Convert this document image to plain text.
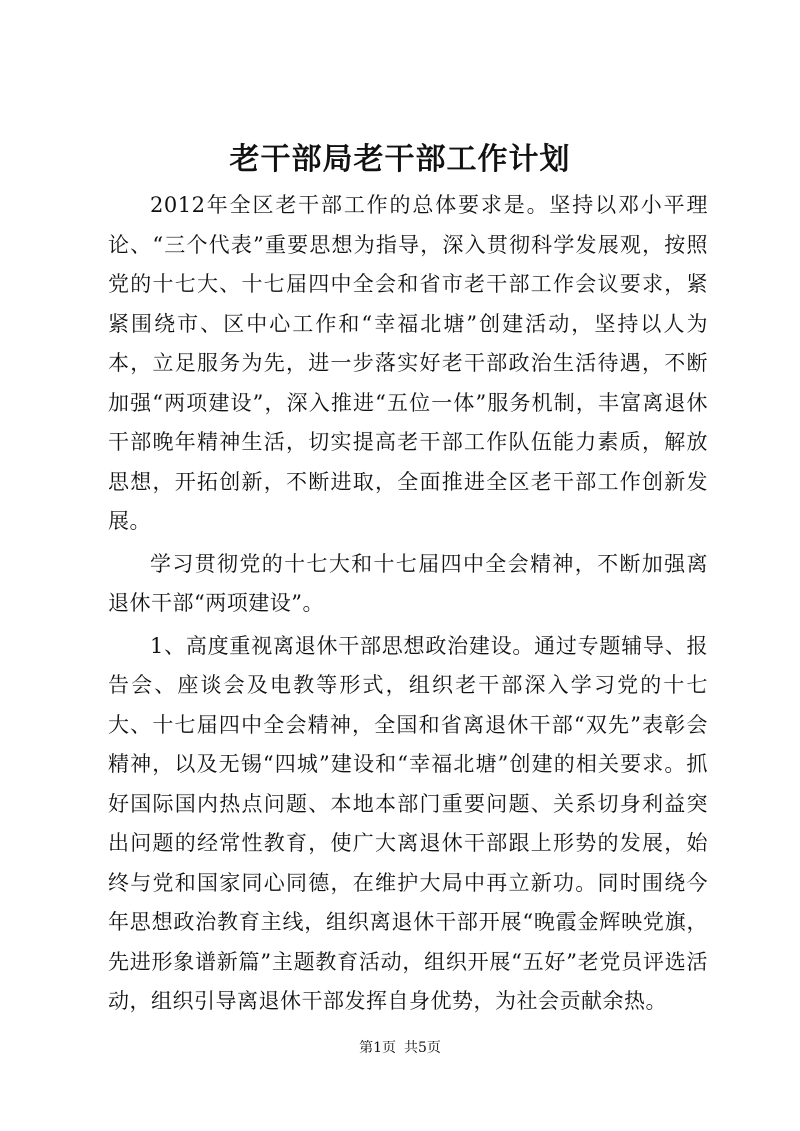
老干部局老干部工作计划

2012年全区老干部工作的总体要求是。坚持以邓小平理论、“三个代表”重要思想为指导，深入贯彻科学发展观，按照党的十七大、十七届四中全会和省市老干部工作会议要求，紧紧围绕市、区中心工作和“幸福北塘”创建活动，坚持以人为本，立足服务为先，进一步落实好老干部政治生活待遇，不断加强“两项建设”，深入推进“五位一体”服务机制，丰富离退休干部晚年精神生活，切实提高老干部工作队伍能力素质，解放思想，开拓创新，不断进取，全面推进全区老干部工作创新发展。

学习贯彻党的十七大和十七届四中全会精神，不断加强离退休干部“两项建设”。

1、高度重视离退休干部思想政治建设。通过专题辅导、报告会、座谈会及电教等形式，组织老干部深入学习党的十七大、十七届四中全会精神，全国和省离退休干部“双先”表彰会精神，以及无锡“四城”建设和“幸福北塘”创建的相关要求。抓好国际国内热点问题、本地本部门重要问题、关系切身利益突出问题的经常性教育，使广大离退休干部跟上形势的发展，始终与党和国家同心同德，在维护大局中再立新功。同时围绕今年思想政治教育主线，组织离退休干部开展“晚霞金辉映党旗，先进形象谱新篇”主题教育活动，组织开展“五好”老党员评选活动，组织引导离退休干部发挥自身优势，为社会贡献余热。

第1页 共5页
